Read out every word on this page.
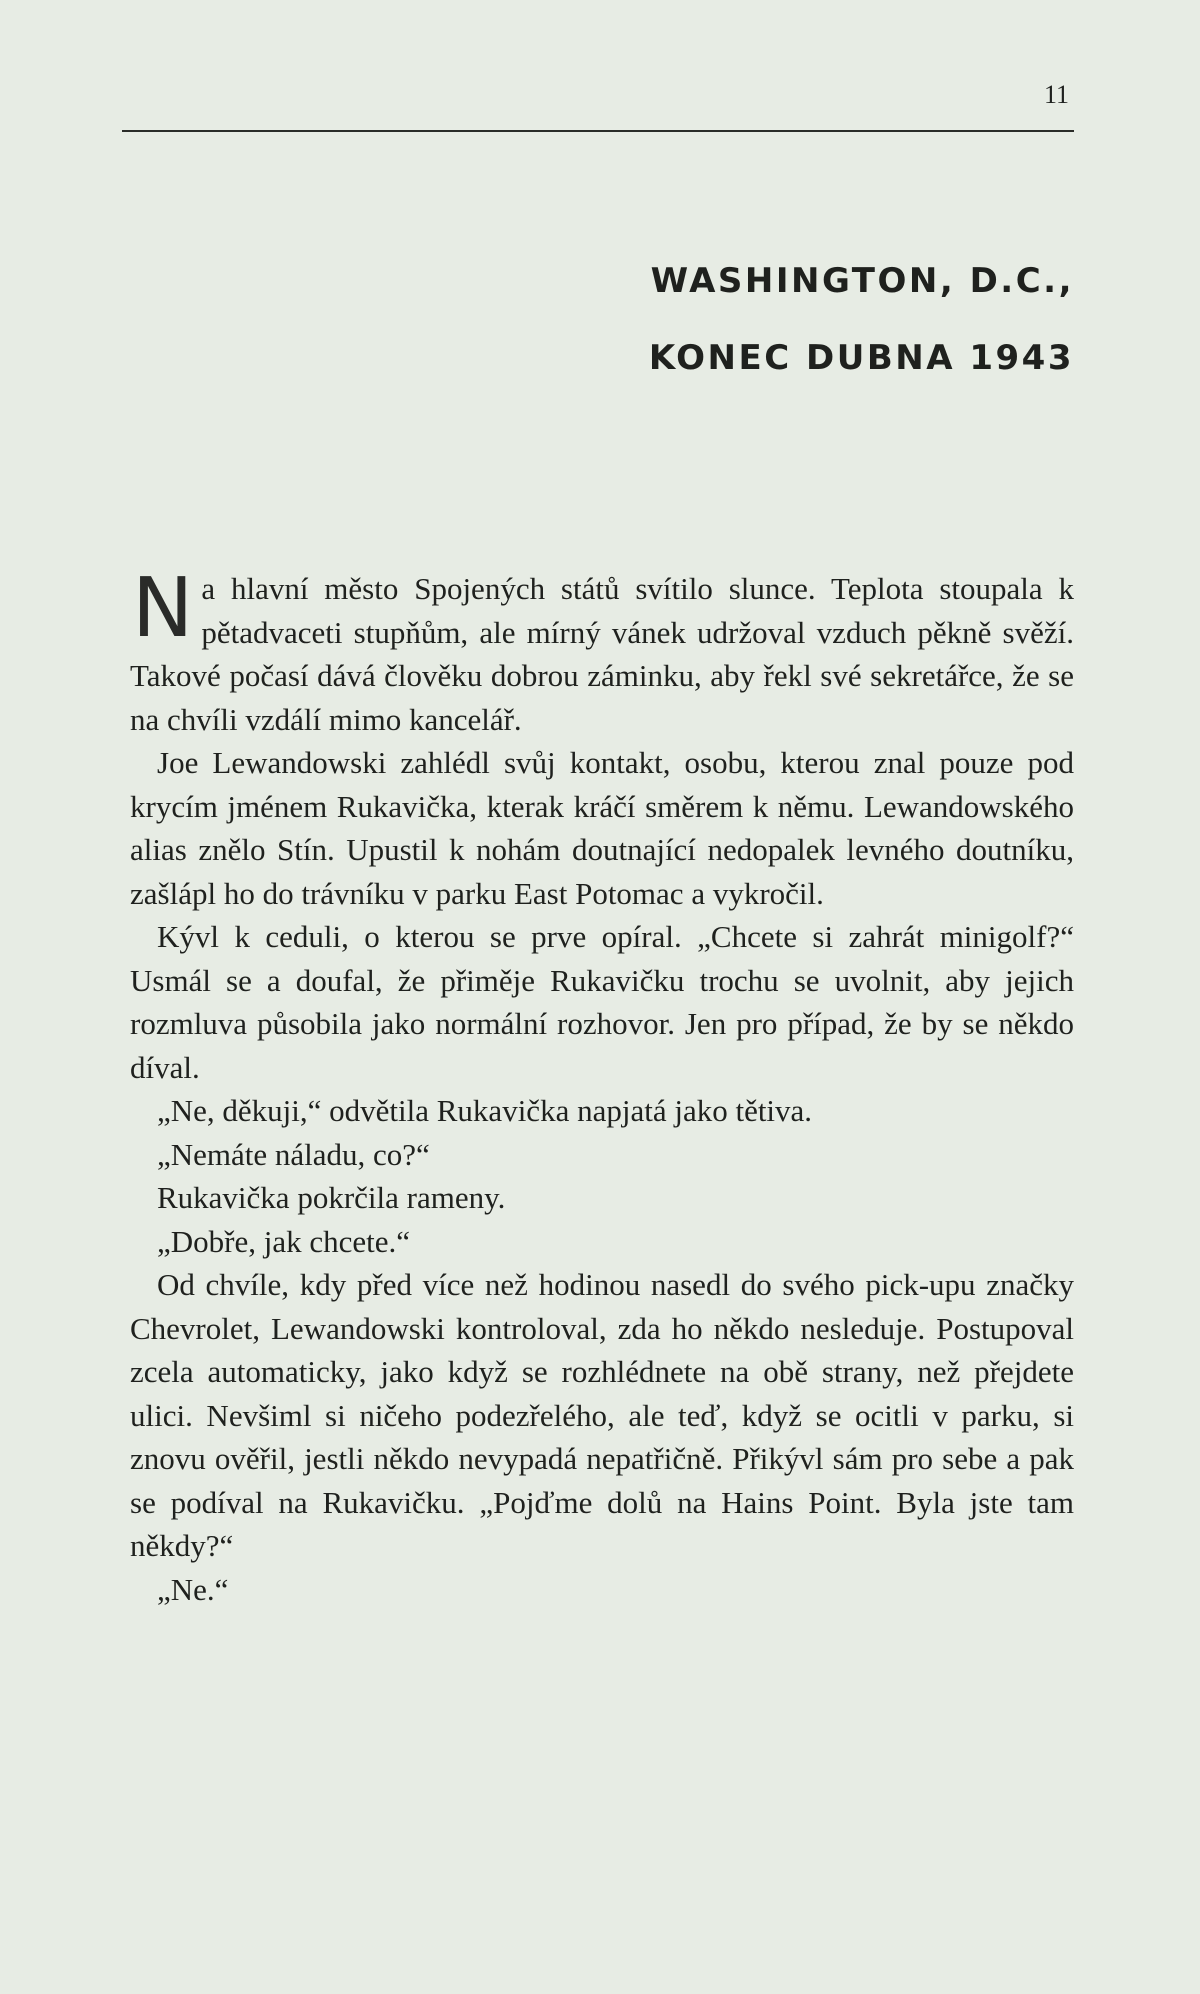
11
WASHINGTON, D.C.,
KONEC DUBNA 1943

Na hlavní město Spojených států svítilo slunce. Teplota stoupala k pětadvaceti stupňům, ale mírný vánek udržoval vzduch pěkně svěží. Takové počasí dává člověku dobrou záminku, aby řekl své sekretářce, že se na chvíli vzdálí mimo kancelář.

Joe Lewandowski zahlédl svůj kontakt, osobu, kterou znal pouze pod krycím jménem Rukavička, kterak kráčí směrem k němu. Lewandowského alias znělo Stín. Upustil k nohám doutnající nedopalek levného doutníku, zašlápl ho do trávníku v parku East Potomac a vykročil.

Kývl k ceduli, o kterou se prve opíral. „Chcete si zahrát minigolf?“ Usmál se a doufal, že přiměje Rukavičku trochu se uvolnit, aby jejich rozmluva působila jako normální rozhovor. Jen pro případ, že by se někdo díval.

„Ne, děkuji,“ odvětila Rukavička napjatá jako tětiva.

„Nemáte náladu, co?“

Rukavička pokrčila rameny.

„Dobře, jak chcete.“

Od chvíle, kdy před více než hodinou nasedl do svého pick-upu značky Chevrolet, Lewandowski kontroloval, zda ho někdo nesleduje. Postupoval zcela automaticky, jako když se rozhlédnete na obě strany, než přejdete ulici. Nevšiml si ničeho podezřelého, ale teď, když se ocitli v parku, si znovu ověřil, jestli někdo nevypadá nepatřičně. Přikývl sám pro sebe a pak se podíval na Rukavičku. „Pojďme dolů na Hains Point. Byla jste tam někdy?“

„Ne.“
